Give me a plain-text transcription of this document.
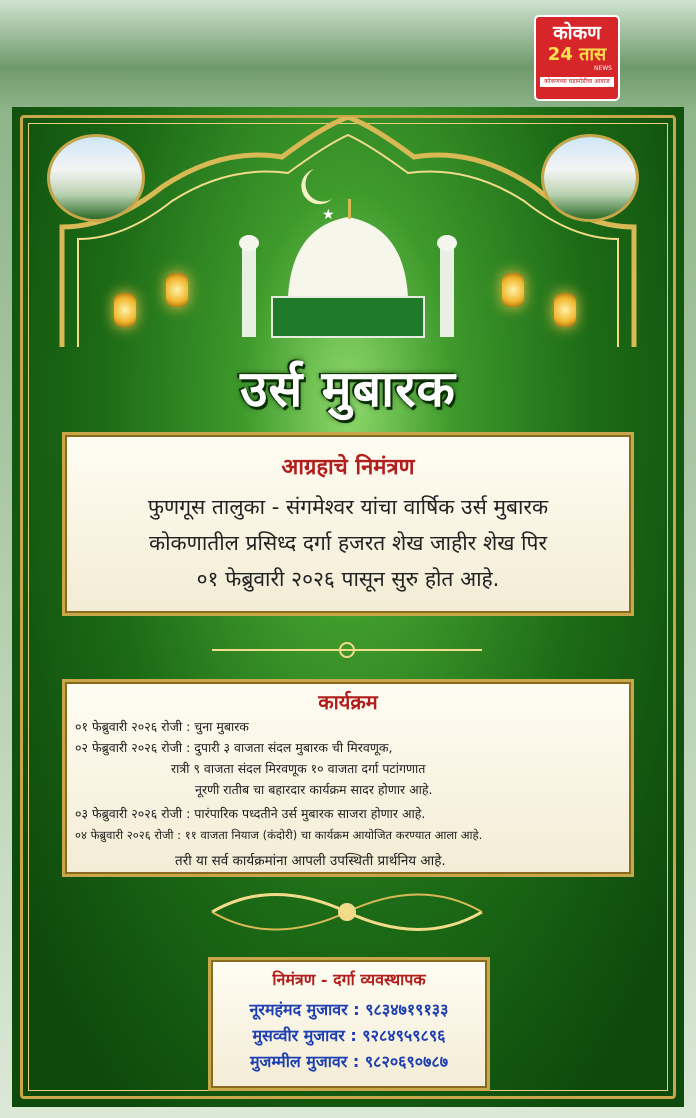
कोकण
24 तास
NEWS
कोकणच्या घडामोडींचा आवाज
★
उर्स मुबारक
आग्रहाचे निमंत्रण
फुणगूस तालुका - संगमेश्वर यांचा वार्षिक उर्स मुबारक
कोकणातील प्रसिध्द दर्गा हजरत शेख जाहीर शेख पिर
०१ फेब्रुवारी २०२६ पासून सुरु होत आहे.
कार्यक्रम
०१ फेब्रुवारी २०२६ रोजी : चुना मुबारक
०२ फेब्रुवारी २०२६ रोजी : दुपारी ३ वाजता संदल मुबारक ची मिरवणूक,
रात्री ९ वाजता संदल मिरवणूक १० वाजता दर्गा पटांगणात
नूरणी रातीब चा बहारदार कार्यक्रम सादर होणार आहे.
०३ फेब्रुवारी २०२६ रोजी : पारंपारिक पध्दतीने उर्स मुबारक साजरा होणार आहे.
०४ फेब्रुवारी २०२६ रोजी : ११ वाजता नियाज (कंदोरी) चा कार्यक्रम आयोजित करण्यात आला आहे.
तरी या सर्व कार्यक्रमांना आपली उपस्थिती प्रार्थनिय आहे.
निमंत्रण - दर्गा व्यवस्थापक
नूरमहंमद मुजावर : ९८३४७१९१३३
मुसव्वीर मुजावर : ९२८४९५९८९६
मुजम्मील मुजावर : ९८२०६९०७८७
